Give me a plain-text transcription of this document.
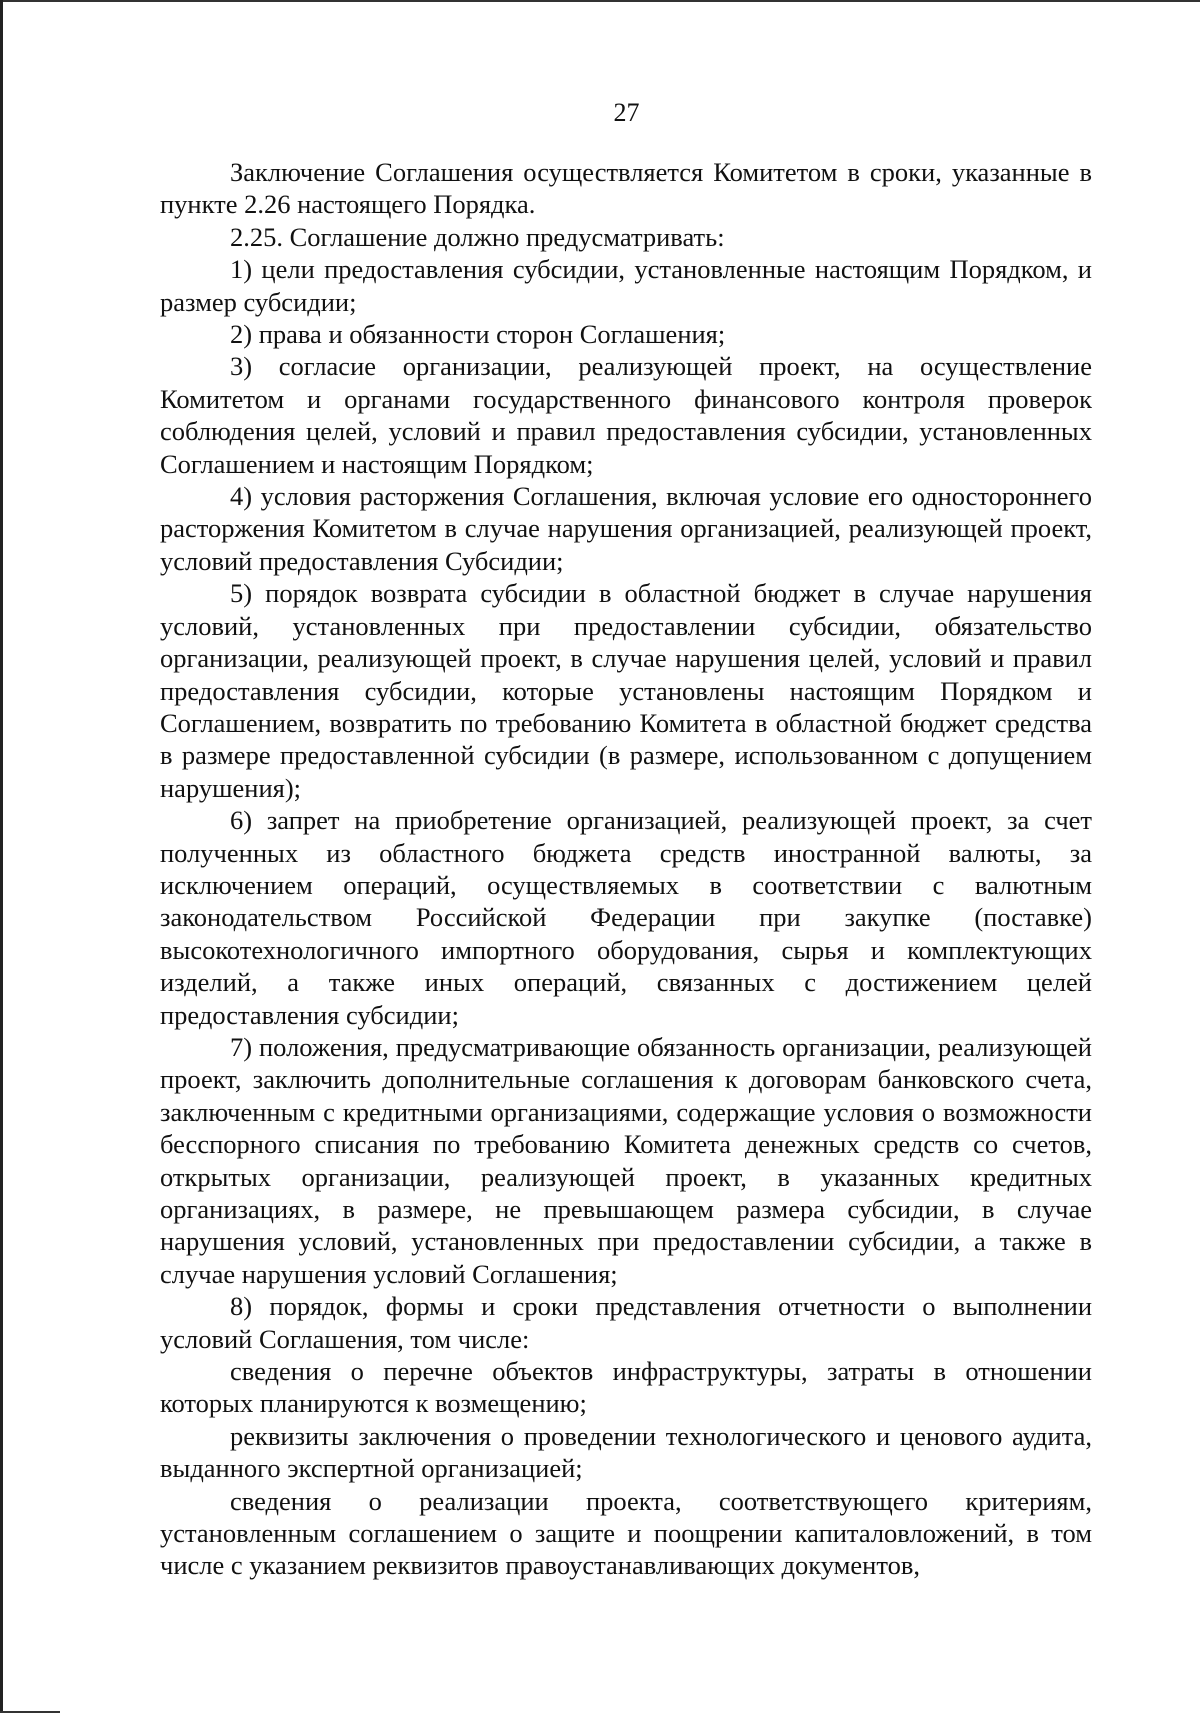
27

Заключение Соглашения осуществляется Комитетом в сроки, указанные в пункте 2.26 настоящего Порядка.

2.25. Соглашение должно предусматривать:

1) цели предоставления субсидии, установленные настоящим Порядком, и размер субсидии;

2) права и обязанности сторон Соглашения;

3) согласие организации, реализующей проект, на осуществление Комитетом и органами государственного финансового контроля проверок соблюдения целей, условий и правил предоставления субсидии, установленных Соглашением и настоящим Порядком;

4) условия расторжения Соглашения, включая условие его одностороннего расторжения Комитетом в случае нарушения организацией, реализующей проект, условий предоставления Субсидии;

5) порядок возврата субсидии в областной бюджет в случае нарушения условий, установленных при предоставлении субсидии, обязательство организации, реализующей проект, в случае нарушения целей, условий и правил предоставления субсидии, которые установлены настоящим Порядком и Соглашением, возвратить по требованию Комитета в областной бюджет средства в размере предоставленной субсидии (в размере, использованном с допущением нарушения);

6) запрет на приобретение организацией, реализующей проект, за счет полученных из областного бюджета средств иностранной валюты, за исключением операций, осуществляемых в соответствии с валютным законодательством Российской Федерации при закупке (поставке) высокотехнологичного импортного оборудования, сырья и комплектующих изделий, а также иных операций, связанных с достижением целей предоставления субсидии;

7) положения, предусматривающие обязанность организации, реализующей проект, заключить дополнительные соглашения к договорам банковского счета, заключенным с кредитными организациями, содержащие условия о возможности бесспорного списания по требованию Комитета денежных средств со счетов, открытых организации, реализующей проект, в указанных кредитных организациях, в размере, не превышающем размера субсидии, в случае нарушения условий, установленных при предоставлении субсидии, а также в случае нарушения условий Соглашения;

8) порядок, формы и сроки представления отчетности о выполнении условий Соглашения, том числе:

сведения о перечне объектов инфраструктуры, затраты в отношении которых планируются к возмещению;

реквизиты заключения о проведении технологического и ценового аудита, выданного экспертной организацией;

сведения о реализации проекта, соответствующего критериям, установленным соглашением о защите и поощрении капиталовложений, в том числе с указанием реквизитов правоустанавливающих документов,
